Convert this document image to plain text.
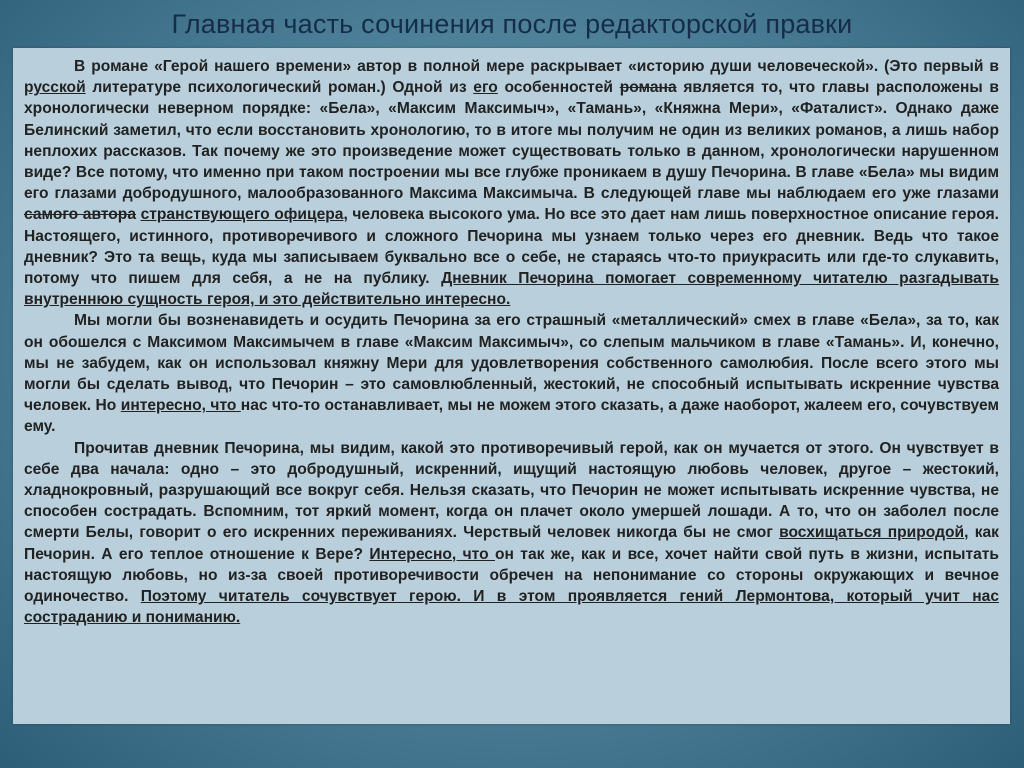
Главная часть сочинения после редакторской правки

В романе «Герой нашего времени» автор в полной мере раскрывает «историю души человеческой». (Это первый в русской литературе психологический роман.) Одной из его особенностей романа является то, что главы расположены в хронологически неверном порядке: «Бела», «Максим Максимыч», «Тамань», «Княжна Мери», «Фаталист». Однако даже Белинский заметил, что если восстановить хронологию, то в итоге мы получим не один из великих романов, а лишь набор неплохих рассказов. Так почему же это произведение может существовать только в данном, хронологически нарушенном виде? Все потому, что именно при таком построении мы все глубже проникаем в душу Печорина. В главе «Бела» мы видим его глазами добродушного, малообразованного Максима Максимыча. В следующей главе мы наблюдаем его уже глазами самого автора странствующего офицера, человека высокого ума. Но все это дает нам лишь поверхностное описание героя. Настоящего, истинного, противоречивого и сложного Печорина мы узнаем только через его дневник. Ведь что такое дневник? Это та вещь, куда мы записываем буквально все о себе, не стараясь что-то приукрасить или где-то слукавить, потому что пишем для себя, а не на публику. Дневник Печорина помогает современному читателю разгадывать внутреннюю сущность героя, и это действительно интересно.

Мы могли бы возненавидеть и осудить Печорина за его страшный «металлический» смех в главе «Бела», за то, как он обошелся с Максимом Максимычем в главе «Максим Максимыч», со слепым мальчиком в главе «Тамань». И, конечно, мы не забудем, как он использовал княжну Мери для удовлетворения собственного самолюбия. После всего этого мы могли бы сделать вывод, что Печорин – это самовлюбленный, жестокий, не способный испытывать искренние чувства человек. Но интересно, что нас что-то останавливает, мы не можем этого сказать, а даже наоборот, жалеем его, сочувствуем ему.

Прочитав дневник Печорина, мы видим, какой это противоречивый герой, как он мучается от этого. Он чувствует в себе два начала: одно – это добродушный, искренний, ищущий настоящую любовь человек, другое – жестокий, хладнокровный, разрушающий все вокруг себя. Нельзя сказать, что Печорин не может испытывать искренние чувства, не способен сострадать. Вспомним, тот яркий момент, когда он плачет около умершей лошади. А то, что он заболел после смерти Белы, говорит о его искренних переживаниях. Черствый человек никогда бы не смог восхищаться природой, как Печорин. А его теплое отношение к Вере? Интересно, что он так же, как и все, хочет найти свой путь в жизни, испытать настоящую любовь, но из-за своей противоречивости обречен на непонимание со стороны окружающих и вечное одиночество. Поэтому читатель сочувствует герою. И в этом проявляется гений Лермонтова, который учит нас состраданию и пониманию.
